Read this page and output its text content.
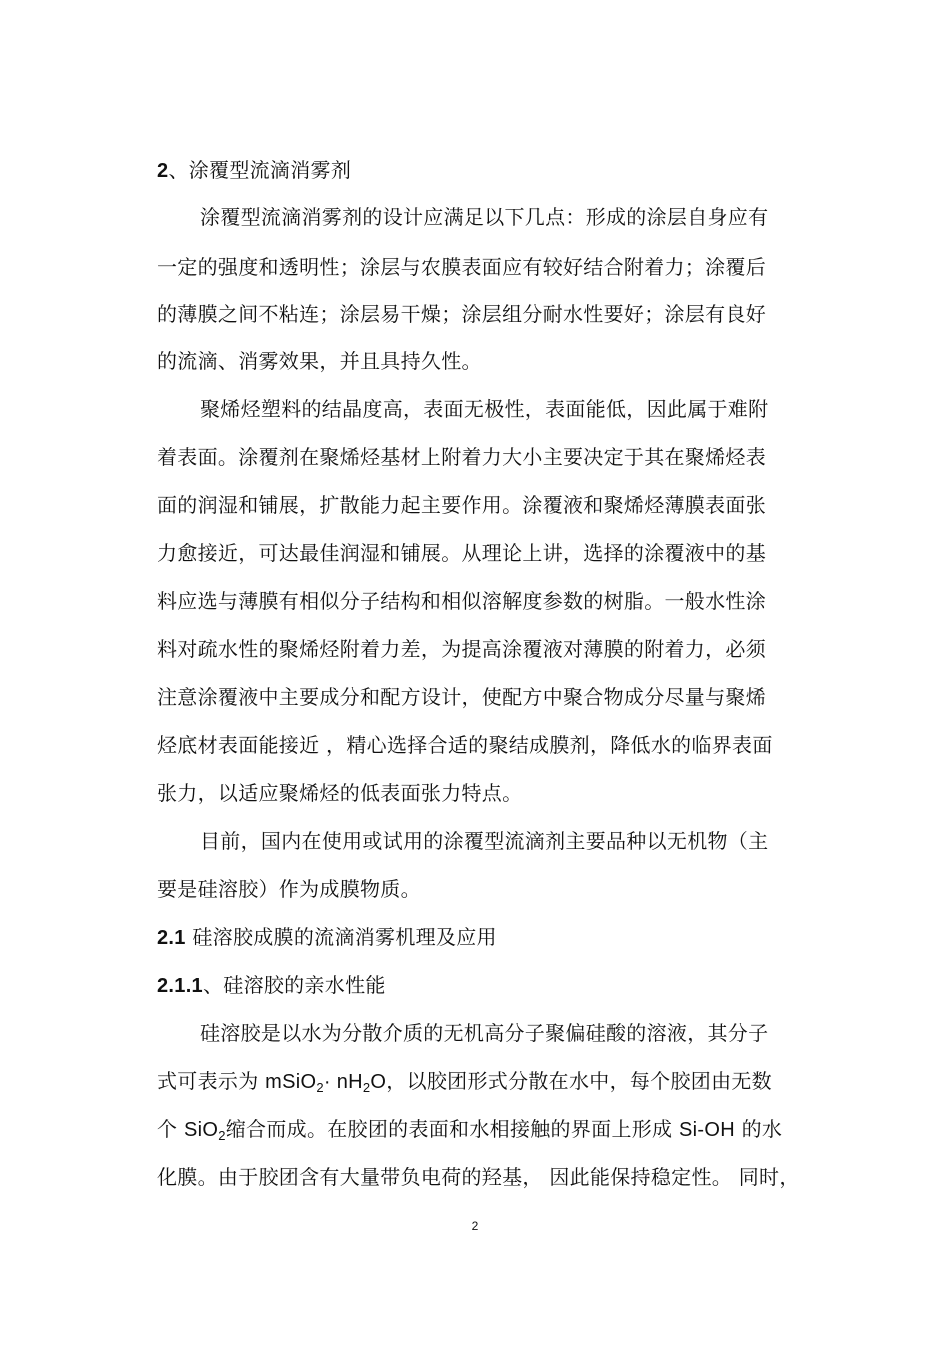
2、涂覆型流滴消雾剂
涂覆型流滴消雾剂的设计应满足以下几点：形成的涂层自身应有
一定的强度和透明性；涂层与农膜表面应有较好结合附着力；涂覆后
的薄膜之间不粘连；涂层易干燥；涂层组分耐水性要好；涂层有良好
的流滴、消雾效果，并且具持久性。
聚烯烃塑料的结晶度高，表面无极性，表面能低，因此属于难附
着表面。涂覆剂在聚烯烃基材上附着力大小主要决定于其在聚烯烃表
面的润湿和铺展，扩散能力起主要作用。涂覆液和聚烯烃薄膜表面张
力愈接近，可达最佳润湿和铺展。从理论上讲，选择的涂覆液中的基
料应选与薄膜有相似分子结构和相似溶解度参数的树脂。一般水性涂
料对疏水性的聚烯烃附着力差，为提高涂覆液对薄膜的附着力，必须
注意涂覆液中主要成分和配方设计，使配方中聚合物成分尽量与聚烯
烃底材表面能接近 ，精心选择合适的聚结成膜剂，降低水的临界表面
张力，以适应聚烯烃的低表面张力特点。
目前，国内在使用或试用的涂覆型流滴剂主要品种以无机物（主
要是硅溶胶）作为成膜物质。
2.1 硅溶胶成膜的流滴消雾机理及应用
2.1.1、硅溶胶的亲水性能
硅溶胶是以水为分散介质的无机高分子聚偏硅酸的溶液，其分子
式可表示为 mSiO$_2$· $nH_2O$，以胶团形式分散在水中，每个胶团由无数
个 SiO$_2$缩合而成。在胶团的表面和水相接触的界面上形成 Si-OH 的水
化膜。由于胶团含有大量带负电荷的羟基， 因此能保持稳定性。 同时，
2
